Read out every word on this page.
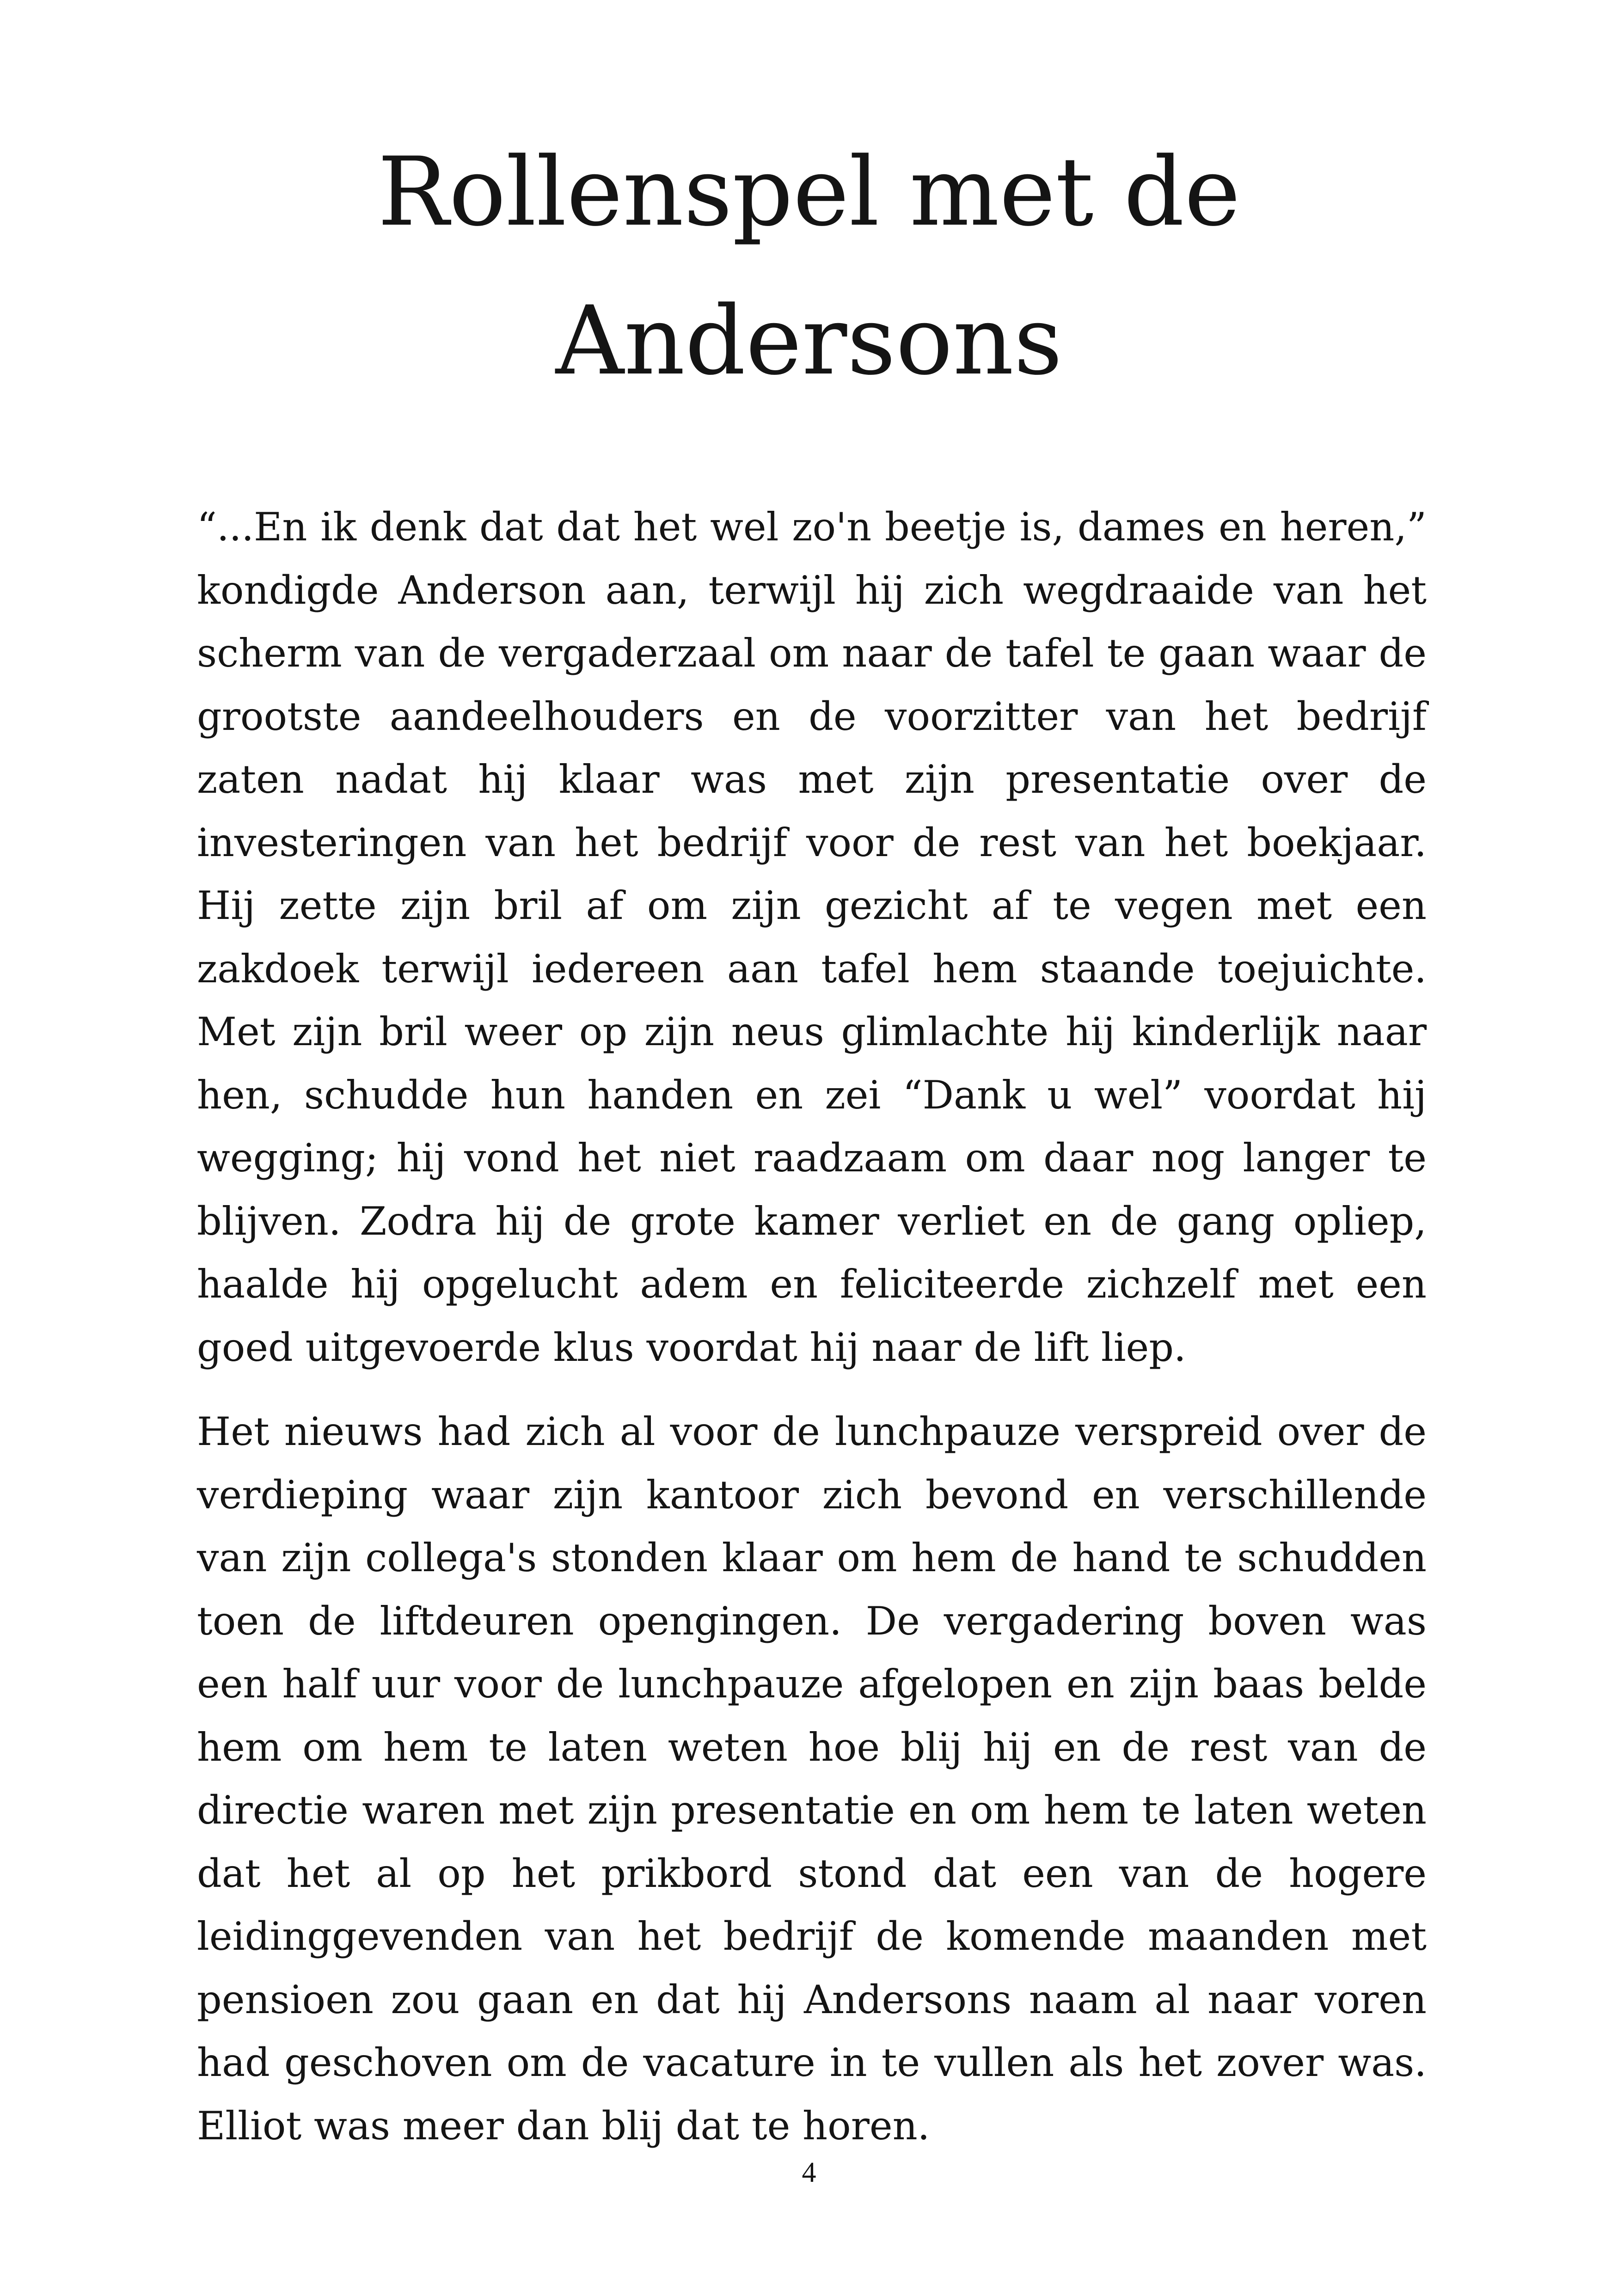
Rollenspel met de
Andersons

“...En ik denk dat dat het wel zo'n beetje is, dames en heren,” kondigde Anderson aan, terwijl hij zich wegdraaide van het scherm van de vergaderzaal om naar de tafel te gaan waar de grootste aandeelhouders en de voorzitter van het bedrijf zaten nadat hij klaar was met zijn presentatie over de investeringen van het bedrijf voor de rest van het boekjaar. Hij zette zijn bril af om zijn gezicht af te vegen met een zakdoek terwijl iedereen aan tafel hem staande toejuichte. Met zijn bril weer op zijn neus glimlachte hij kinderlijk naar hen, schudde hun handen en zei “Dank u wel” voordat hij wegging; hij vond het niet raadzaam om daar nog langer te blijven. Zodra hij de grote kamer verliet en de gang opliep, haalde hij opgelucht adem en feliciteerde zichzelf met een goed uitgevoerde klus voordat hij naar de lift liep.

Het nieuws had zich al voor de lunchpauze verspreid over de verdieping waar zijn kantoor zich bevond en verschillende van zijn collega's stonden klaar om hem de hand te schudden toen de liftdeuren opengingen. De vergadering boven was een half uur voor de lunchpauze afgelopen en zijn baas belde hem om hem te laten weten hoe blij hij en de rest van de directie waren met zijn presentatie en om hem te laten weten dat het al op het prikbord stond dat een van de hogere leidinggevenden van het bedrijf de komende maanden met pensioen zou gaan en dat hij Andersons naam al naar voren had geschoven om de vacature in te vullen als het zover was. Elliot was meer dan blij dat te horen.

4
